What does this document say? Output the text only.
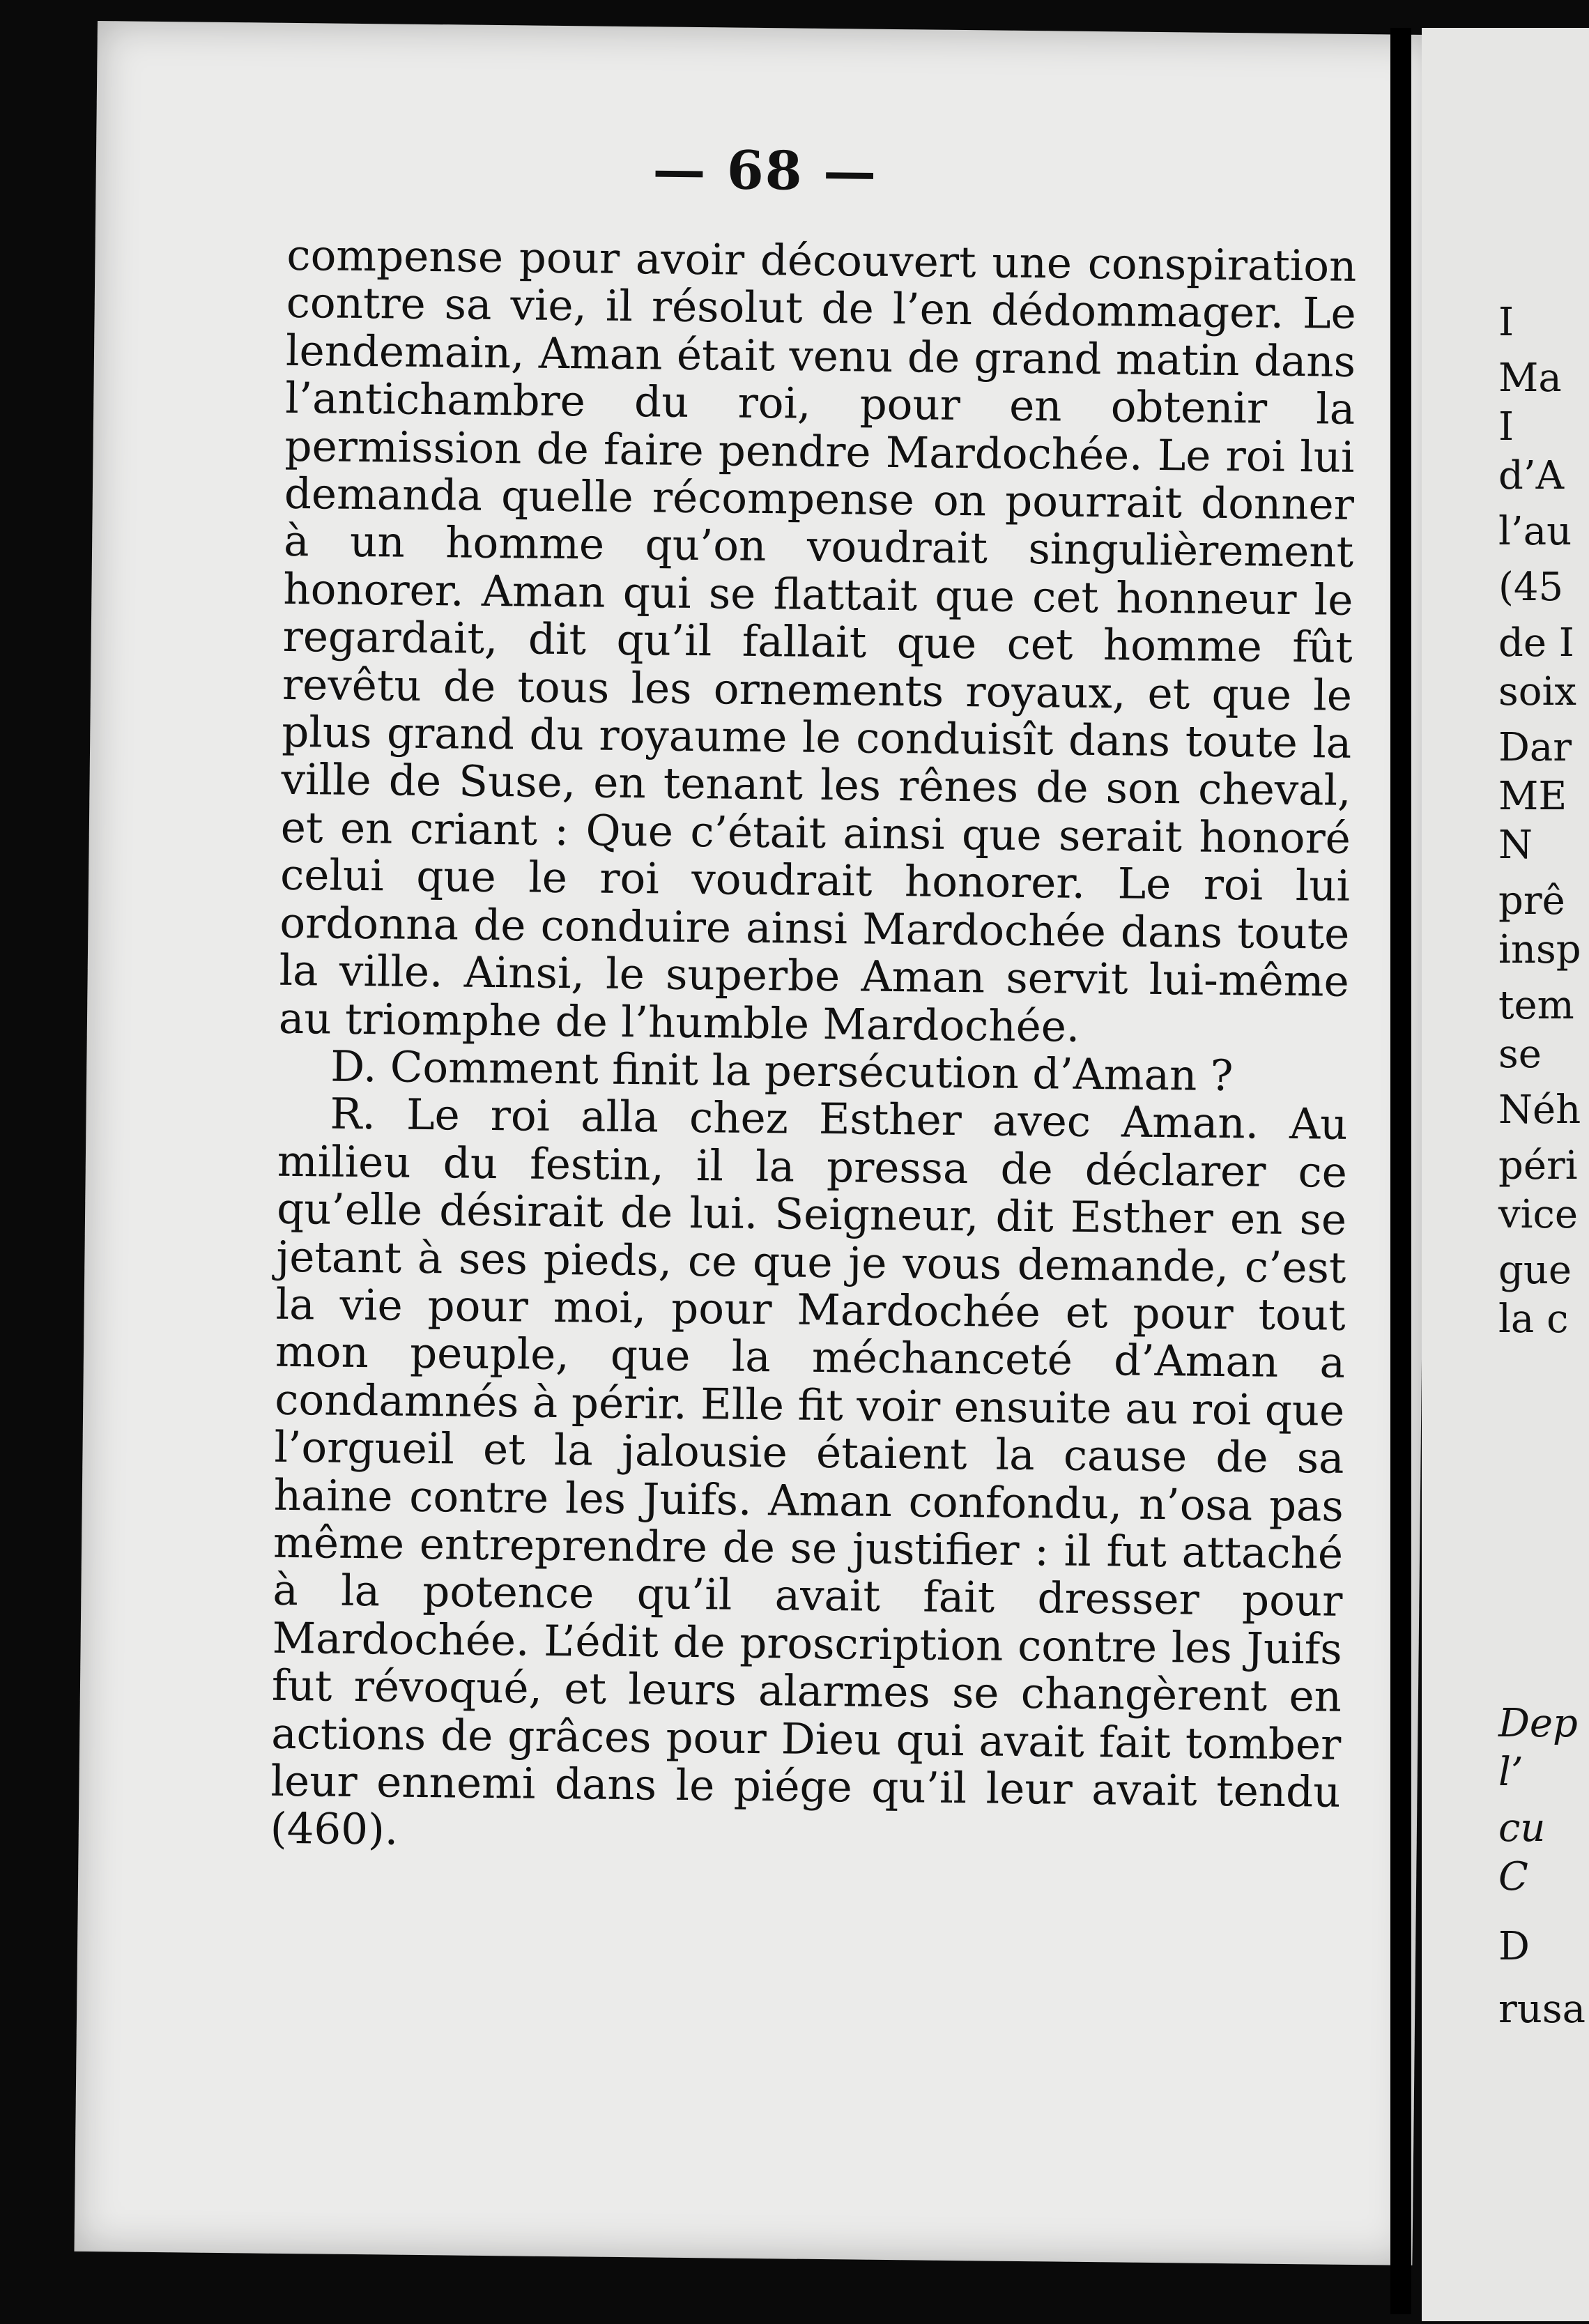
— 68 —

compense pour avoir découvert une conspiration contre sa vie, il résolut de l’en dédommager. Le lendemain, Aman était venu de grand matin dans l’antichambre du roi, pour en obtenir la permission de faire pendre Mardochée. Le roi lui demanda quelle récompense on pourrait donner à un homme qu’on voudrait singulièrement honorer. Aman qui se flattait que cet honneur le regardait, dit qu’il fallait que cet homme fût revêtu de tous les ornements royaux, et que le plus grand du royaume le conduisît dans toute la ville de Suse, en tenant les rênes de son cheval, et en criant : Que c’était ainsi que serait honoré celui que le roi voudrait honorer. Le roi lui ordonna de conduire ainsi Mardochée dans toute la ville. Ainsi, le superbe Aman servit lui-même au triomphe de l’humble Mardochée.

D. Comment finit la persécution d’Aman ?

R. Le roi alla chez Esther avec Aman. Au milieu du festin, il la pressa de déclarer ce qu’elle désirait de lui. Seigneur, dit Esther en se jetant à ses pieds, ce que je vous demande, c’est la vie pour moi, pour Mardochée et pour tout mon peuple, que la méchanceté d’Aman a condamnés à périr. Elle fit voir ensuite au roi que l’orgueil et la jalousie étaient la cause de sa haine contre les Juifs. Aman confondu, n’osa pas même entreprendre de se justifier : il fut attaché à la potence qu’il avait fait dresser pour Mardochée. L’édit de proscription contre les Juifs fut révoqué, et leurs alarmes se changèrent en actions de grâces pour Dieu qui avait fait tomber leur ennemi dans le piége qu’il leur avait tendu (460).

I
Ma
I
d’A
l’au
(45
de I
soix
Dar
ME
N
prê
insp
tem
se
Néh
péri
vice
gue
la c
Dep
l’
cu
C
D
rusa
